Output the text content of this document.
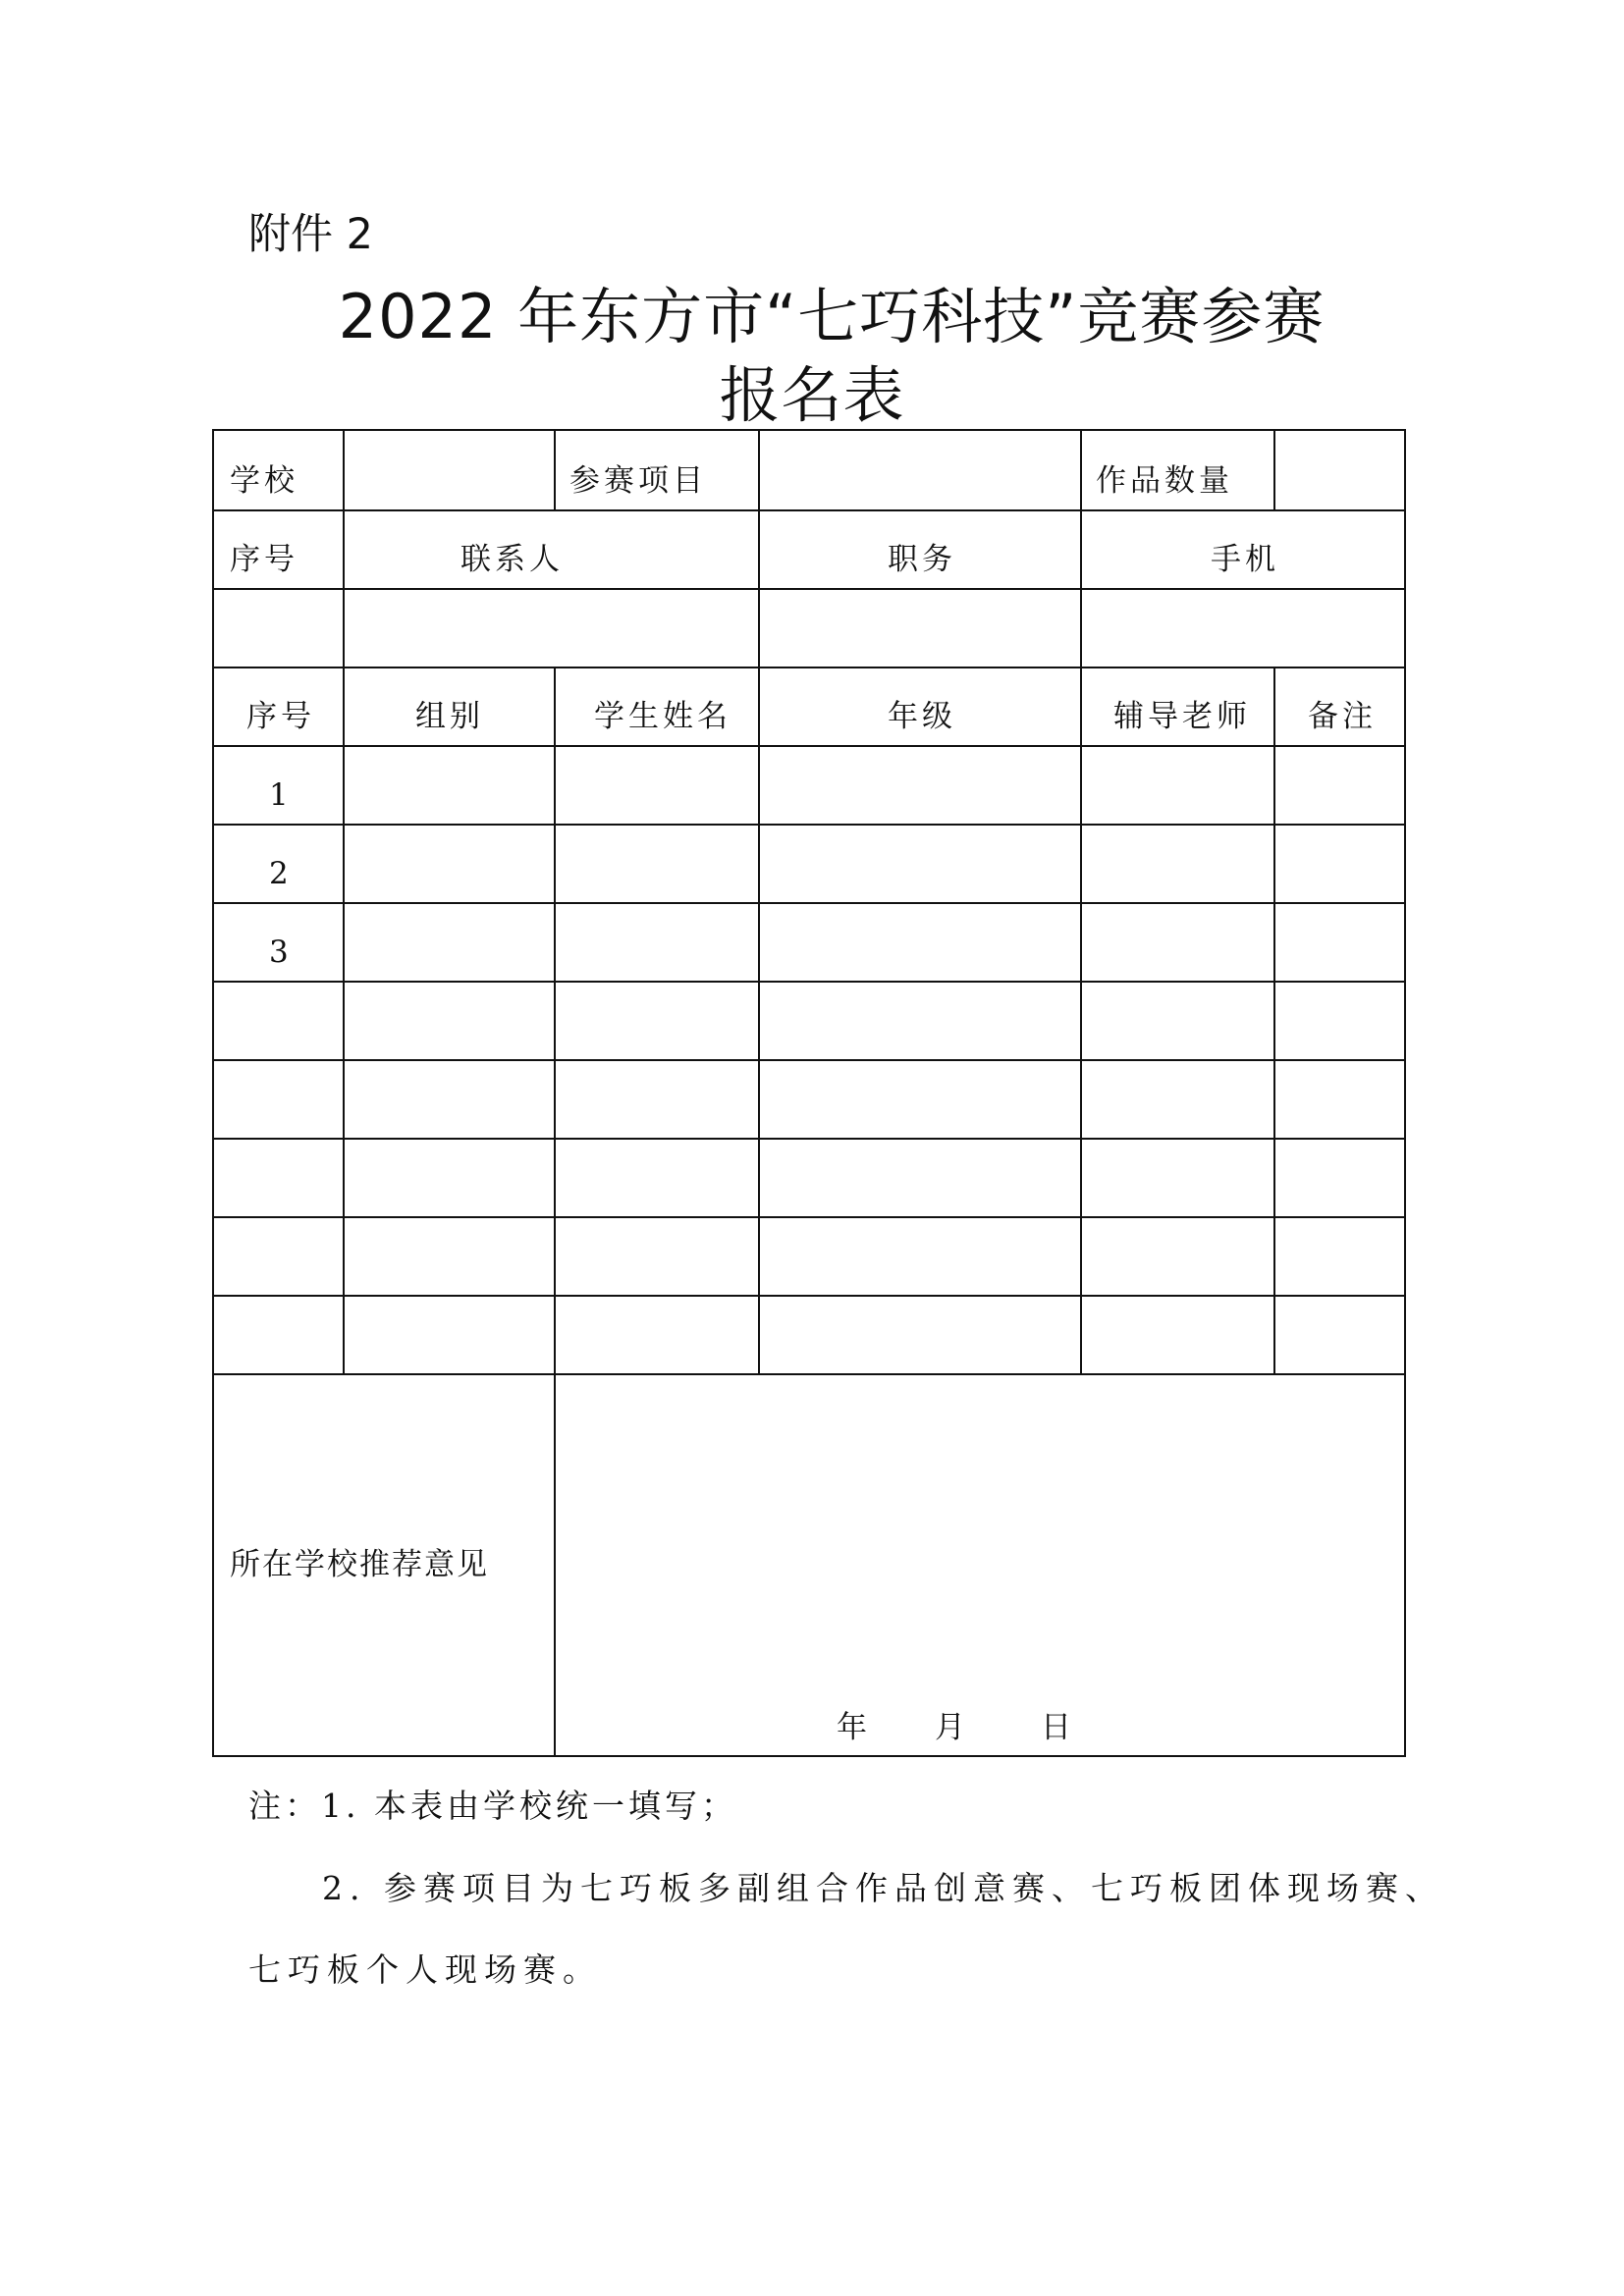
附件 2
2022 年东方市“七巧科技”竞赛参赛
报名表
学校	参赛项目	作品数量
序号	联系人	职务	手机
序号	组别	学生姓名	年级	辅导老师 备注
1
2
3
所在学校推荐意见
年 月 日
注：1. 本表由学校统一填写；
2. 参赛项目为七巧板多副组合作品创意赛、七巧板团体现场赛、
七巧板个人现场赛。
